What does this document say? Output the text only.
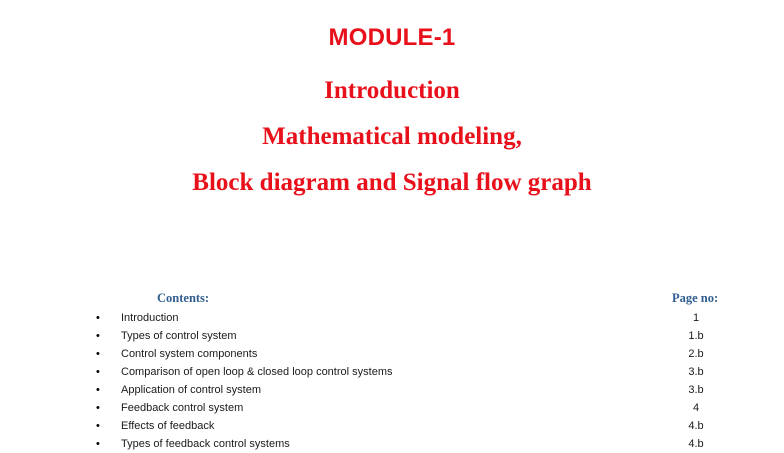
MODULE-1
Introduction
Mathematical modeling,
Block diagram and Signal flow graph
Contents:	Page no:
•	Introduction	1
•	Types of control system	1.b
•	Control system components	2.b
•	Comparison of open loop & closed loop control systems	3.b
•	Application of control system	3.b
•	Feedback control system	4
•	Effects of feedback	4.b
•	Types of feedback control systems	4.b
